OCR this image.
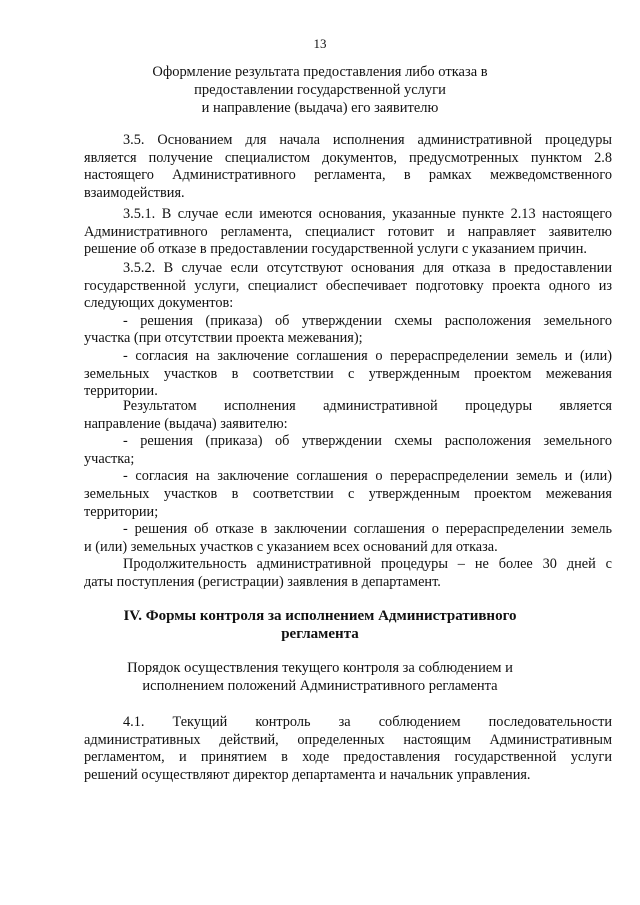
13
Оформление результата предоставления либо отказа в
предоставлении государственной услуги
и направление (выдача) его заявителю
3.5. Основанием для начала исполнения административной процедуры
является получение специалистом документов, предусмотренных пунктом 2.8
настоящего Административного регламента, в рамках межведомственного
взаимодействия.
3.5.1. В случае если имеются основания, указанные пункте 2.13 настоящего
Административного регламента, специалист готовит и направляет заявителю
решение об отказе в предоставлении государственной услуги с указанием причин.
3.5.2. В случае если отсутствуют основания для отказа в предоставлении
государственной услуги, специалист обеспечивает подготовку проекта одного из
следующих документов:
- решения (приказа) об утверждении схемы расположения земельного
участка (при отсутствии проекта межевания);
- согласия на заключение соглашения о перераспределении земель и (или)
земельных участков в соответствии с утвержденным проектом межевания
территории.
Результатом исполнения административной процедуры является
направление (выдача) заявителю:
- решения (приказа) об утверждении схемы расположения земельного
участка;
- согласия на заключение соглашения о перераспределении земель и (или)
земельных участков в соответствии с утвержденным проектом межевания
территории;
- решения об отказе в заключении соглашения о перераспределении земель
и (или) земельных участков с указанием всех оснований для отказа.
Продолжительность административной процедуры – не более 30 дней с
даты поступления (регистрации) заявления в департамент.
IV. Формы контроля за исполнением Административного
регламента
Порядок осуществления текущего контроля за соблюдением и
исполнением положений Административного регламента
4.1. Текущий контроль за соблюдением последовательности
административных действий, определенных настоящим Административным
регламентом, и принятием в ходе предоставления государственной услуги
решений осуществляют директор департамента и начальник управления.
